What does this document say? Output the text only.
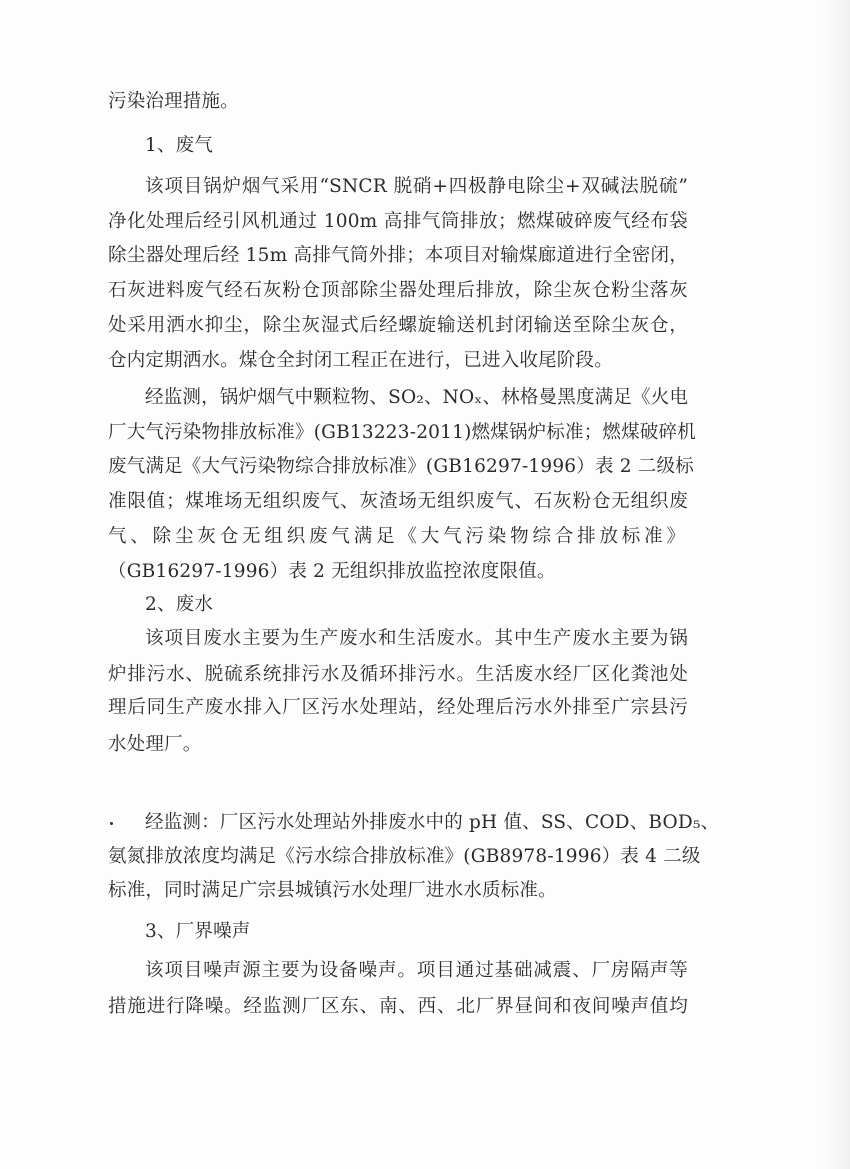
污染治理措施。
1、废气
该项目锅炉烟气采用“SNCR 脱硝+四极静电除尘+双碱法脱硫”
净化处理后经引风机通过 100m 高排气筒排放；燃煤破碎废气经布袋
除尘器处理后经 15m 高排气筒外排；本项目对输煤廊道进行全密闭，
石灰进料废气经石灰粉仓顶部除尘器处理后排放，除尘灰仓粉尘落灰
处采用洒水抑尘，除尘灰湿式后经螺旋输送机封闭输送至除尘灰仓，
仓内定期洒水。煤仓全封闭工程正在进行，已进入收尾阶段。
经监测，锅炉烟气中颗粒物、SO₂、NOₓ、林格曼黑度满足《火电
厂大气污染物排放标准》(GB13223-2011)燃煤锅炉标准；燃煤破碎机
废气满足《大气污染物综合排放标准》(GB16297-1996）表 2 二级标
准限值；煤堆场无组织废气、灰渣场无组织废气、石灰粉仓无组织废
气、除尘灰仓无组织废气满足《大气污染物综合排放标准》
（GB16297-1996）表 2 无组织排放监控浓度限值。
2、废水
该项目废水主要为生产废水和生活废水。其中生产废水主要为锅
炉排污水、脱硫系统排污水及循环排污水。生活废水经厂区化粪池处
理后同生产废水排入厂区污水处理站，经处理后污水外排至广宗县污
水处理厂。
经监测：厂区污水处理站外排废水中的 pH 值、SS、COD、BOD₅、
氨氮排放浓度均满足《污水综合排放标准》(GB8978-1996）表 4 二级
标准，同时满足广宗县城镇污水处理厂进水水质标准。
3、厂界噪声
该项目噪声源主要为设备噪声。项目通过基础减震、厂房隔声等
措施进行降噪。经监测厂区东、南、西、北厂界昼间和夜间噪声值均
